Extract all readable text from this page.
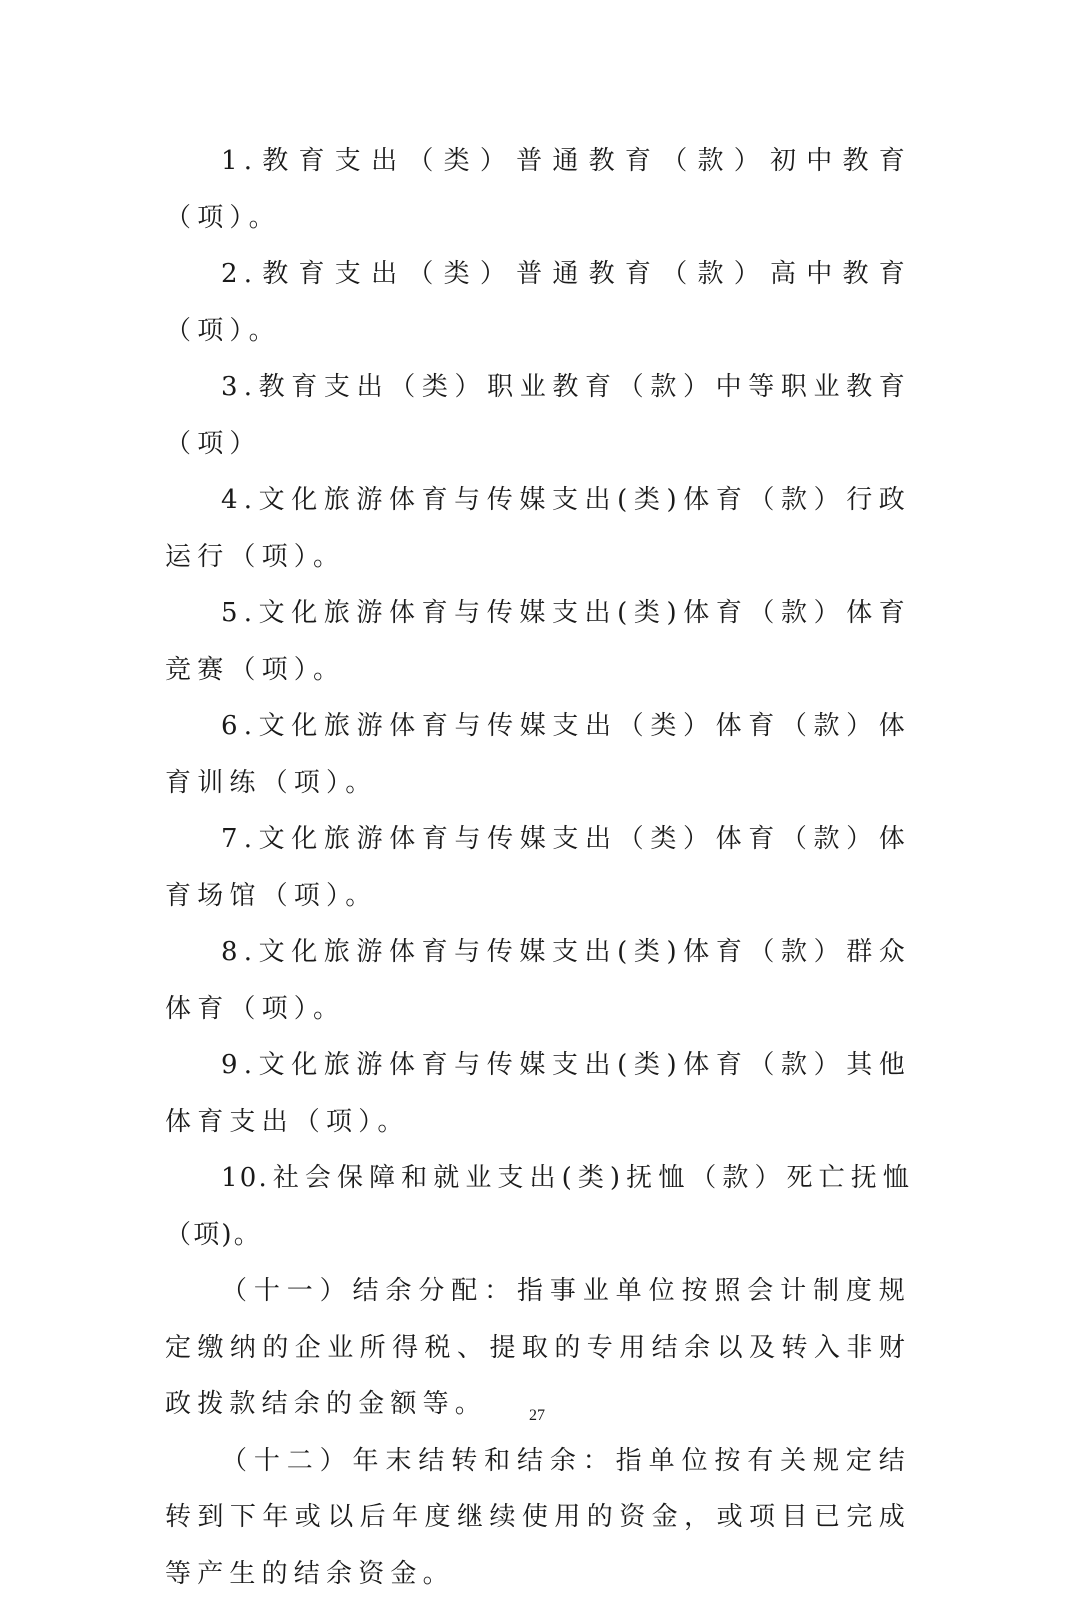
1.教育支出（类）普通教育（款）初中教育（项）。

2.教育支出（类）普通教育（款）高中教育（项）。

3.教育支出（类）职业教育（款）中等职业教育（项）

4.文化旅游体育与传媒支出(类)体育（款）行政运行（项）。

5.文化旅游体育与传媒支出(类)体育（款）体育竞赛（项）。

6.文化旅游体育与传媒支出（类）体育（款）体育训练（项）。

7.文化旅游体育与传媒支出（类）体育（款）体育场馆（项）。

8.文化旅游体育与传媒支出(类)体育（款）群众体育（项）。

9.文化旅游体育与传媒支出(类)体育（款）其他体育支出（项）。

10.社会保障和就业支出(类)抚恤（款）死亡抚恤（项)。

（十一）结余分配：指事业单位按照会计制度规定缴纳的企业所得税、提取的专用结余以及转入非财政拨款结余的金额等。

（十二）年末结转和结余：指单位按有关规定结转到下年或以后年度继续使用的资金，或项目已完成等产生的结余资金。

27
